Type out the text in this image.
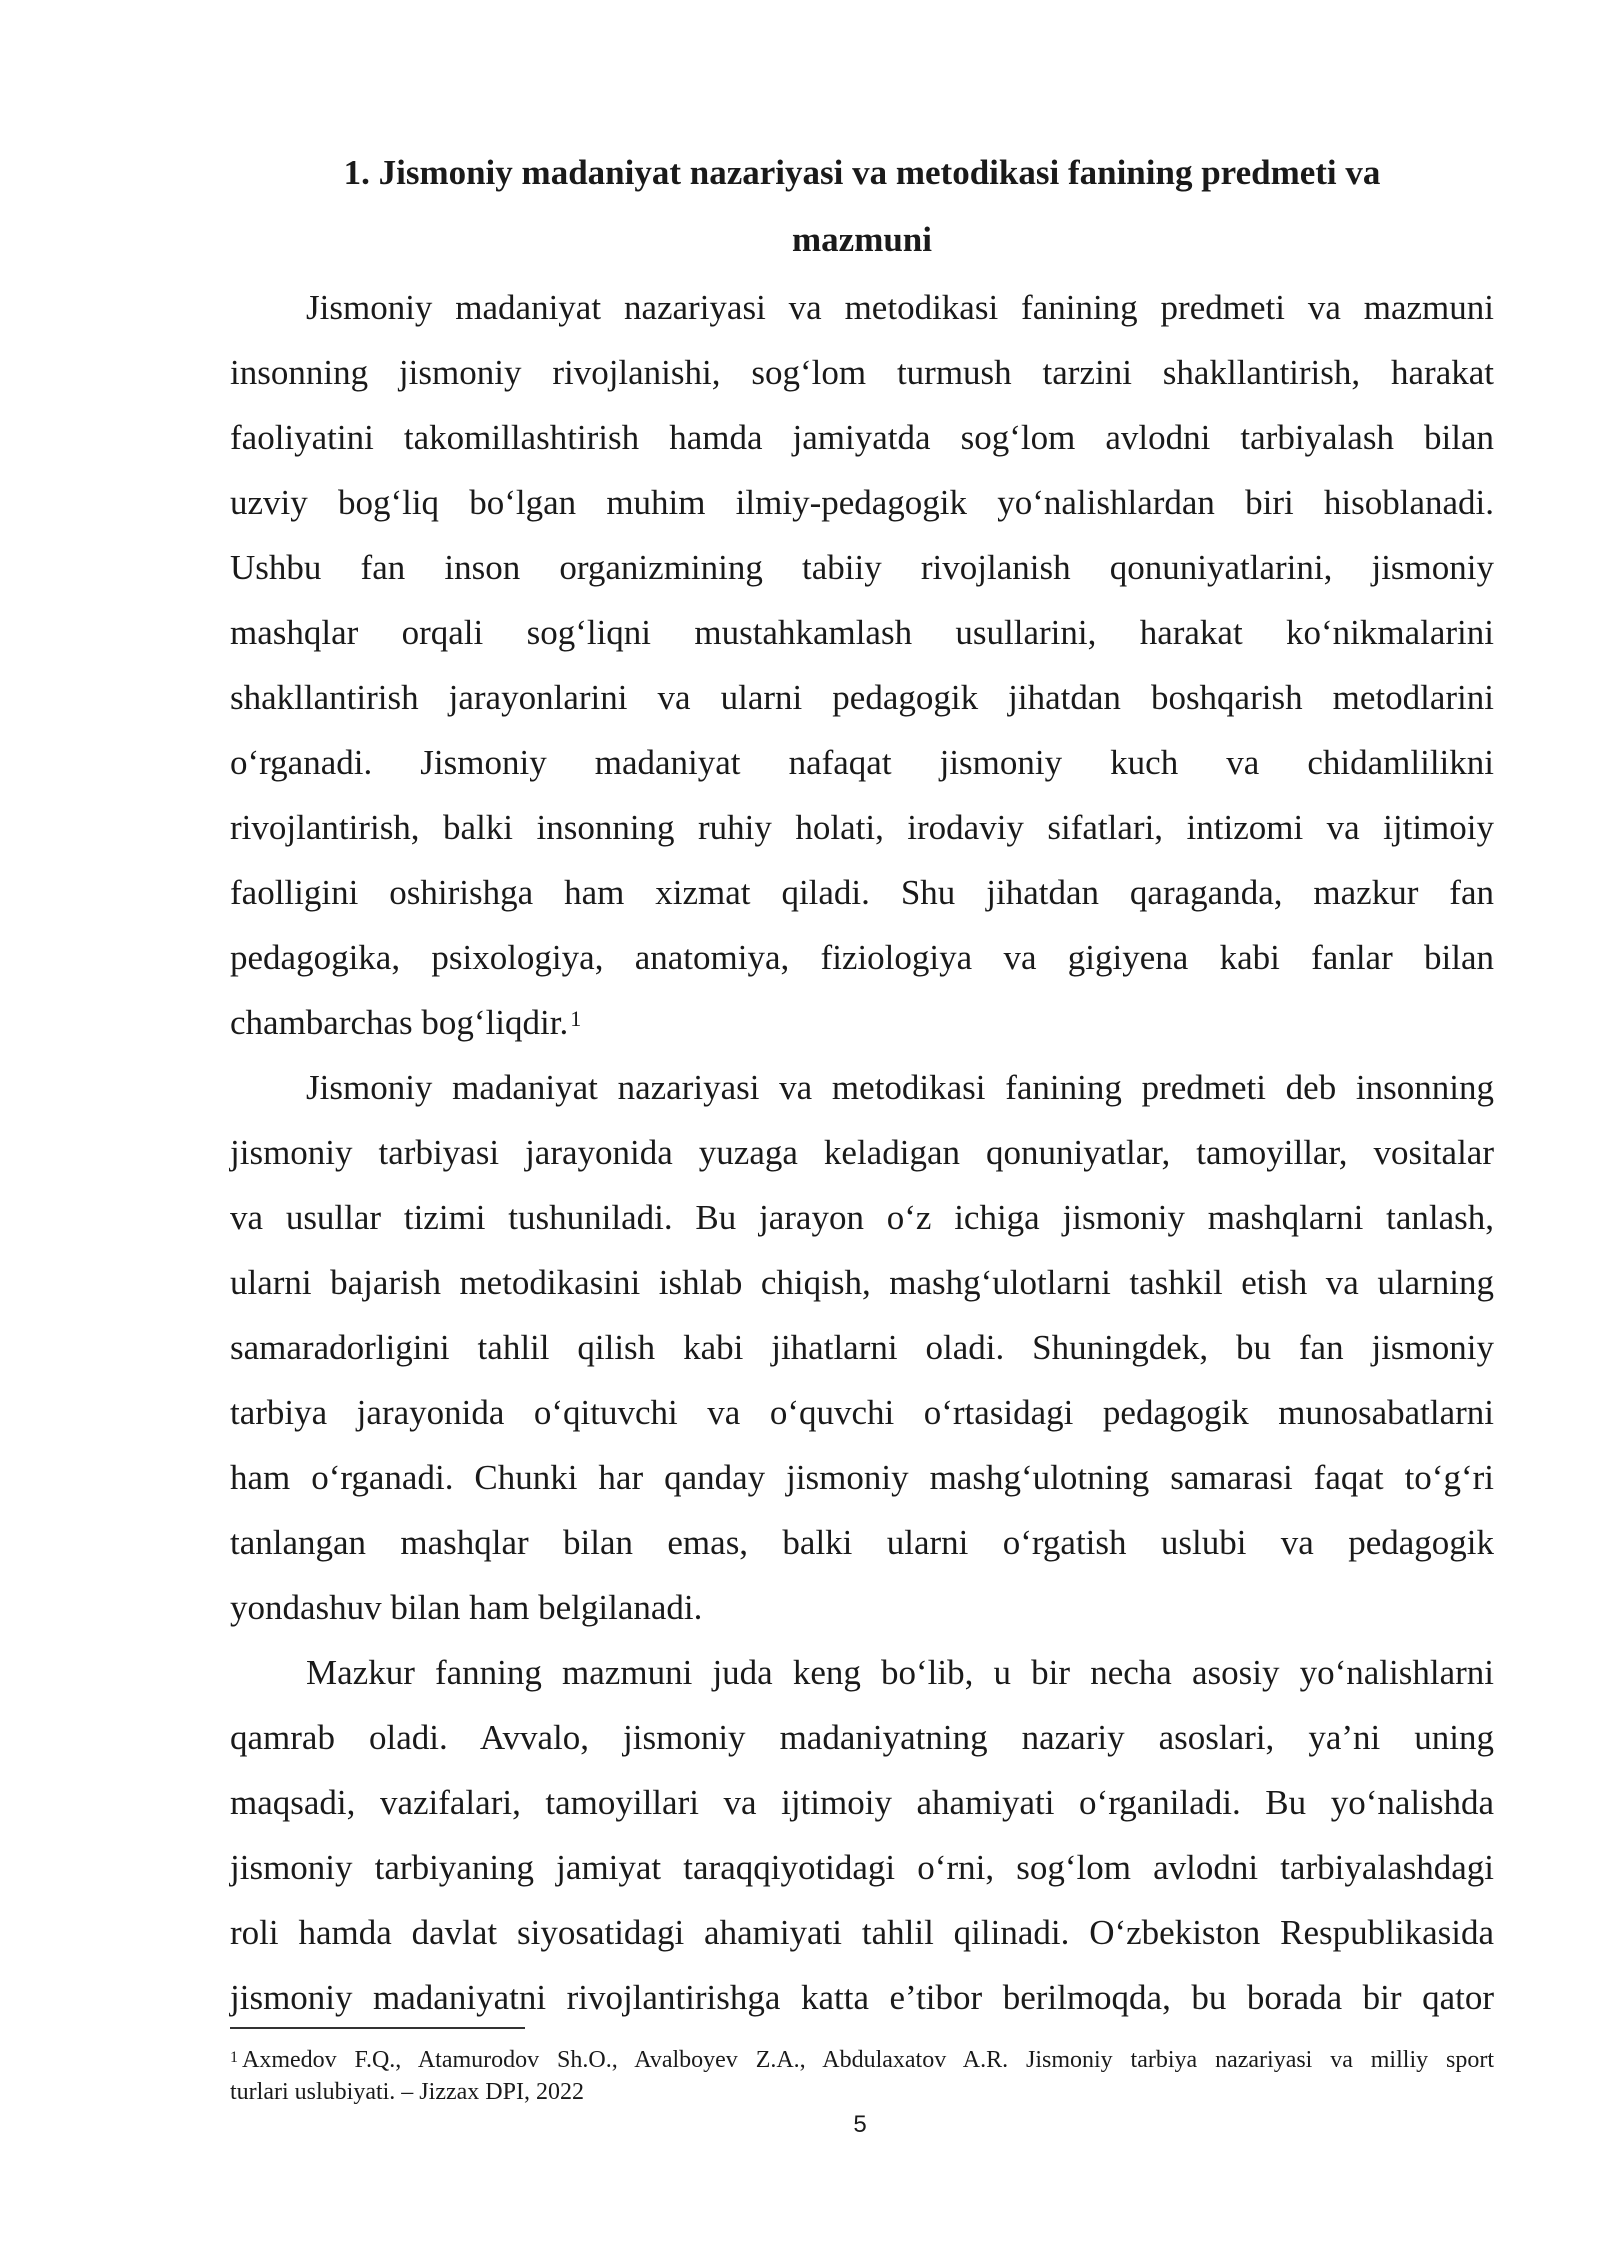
1. Jismoniy madaniyat nazariyasi va metodikasi fanining predmeti va
mazmuni

Jismoniy madaniyat nazariyasi va metodikasi fanining predmeti va mazmuni

insonning jismoniy rivojlanishi, sog‘lom turmush tarzini shakllantirish, harakat

faoliyatini takomillashtirish hamda jamiyatda sog‘lom avlodni tarbiyalash bilan

uzviy bog‘liq bo‘lgan muhim ilmiy-pedagogik yo‘nalishlardan biri hisoblanadi.

Ushbu fan inson organizmining tabiiy rivojlanish qonuniyatlarini, jismoniy

mashqlar orqali sog‘liqni mustahkamlash usullarini, harakat ko‘nikmalarini

shakllantirish jarayonlarini va ularni pedagogik jihatdan boshqarish metodlarini

o‘rganadi. Jismoniy madaniyat nafaqat jismoniy kuch va chidamlilikni

rivojlantirish, balki insonning ruhiy holati, irodaviy sifatlari, intizomi va ijtimoiy

faolligini oshirishga ham xizmat qiladi. Shu jihatdan qaraganda, mazkur fan

pedagogika, psixologiya, anatomiya, fiziologiya va gigiyena kabi fanlar bilan

chambarchas bog‘liqdir.$^1$

Jismoniy madaniyat nazariyasi va metodikasi fanining predmeti deb insonning

jismoniy tarbiyasi jarayonida yuzaga keladigan qonuniyatlar, tamoyillar, vositalar

va usullar tizimi tushuniladi. Bu jarayon o‘z ichiga jismoniy mashqlarni tanlash,

ularni bajarish metodikasini ishlab chiqish, mashg‘ulotlarni tashkil etish va ularning

samaradorligini tahlil qilish kabi jihatlarni oladi. Shuningdek, bu fan jismoniy

tarbiya jarayonida o‘qituvchi va o‘quvchi o‘rtasidagi pedagogik munosabatlarni

ham o‘rganadi. Chunki har qanday jismoniy mashg‘ulotning samarasi faqat to‘g‘ri

tanlangan mashqlar bilan emas, balki ularni o‘rgatish uslubi va pedagogik

yondashuv bilan ham belgilanadi.

Mazkur fanning mazmuni juda keng bo‘lib, u bir necha asosiy yo‘nalishlarni

qamrab oladi. Avvalo, jismoniy madaniyatning nazariy asoslari, ya’ni uning

maqsadi, vazifalari, tamoyillari va ijtimoiy ahamiyati o‘rganiladi. Bu yo‘nalishda

jismoniy tarbiyaning jamiyat taraqqiyotidagi o‘rni, sog‘lom avlodni tarbiyalashdagi

roli hamda davlat siyosatidagi ahamiyati tahlil qilinadi. O‘zbekiston Respublikasida

jismoniy madaniyatni rivojlantirishga katta e’tibor berilmoqda, bu borada bir qator

$^1$ Axmedov F.Q., Atamurodov Sh.O., Avalboyev Z.A., Abdulaxatov A.R. Jismoniy tarbiya nazariyasi va milliy sport

turlari uslubiyati. – Jizzax DPI, 2022

5
